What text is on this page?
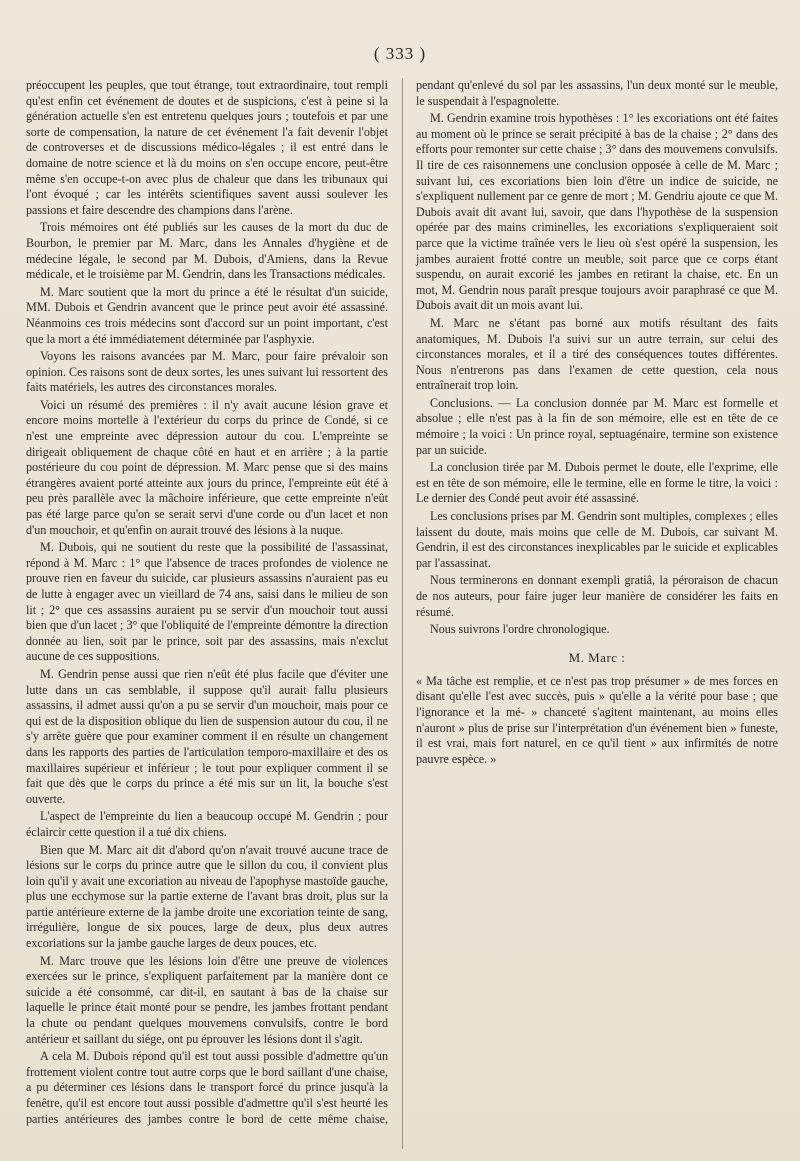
( 333 )

préoccupent les peuples, que tout étrange, tout extraordinaire, tout rempli qu'est enfin cet événement de doutes et de suspicions, c'est à peine si la génération actuelle s'en est entretenu quelques jours ; toutefois et par une sorte de compensation, la nature de cet événement l'a fait devenir l'objet de controverses et de discussions médico-légales ; il est entré dans le domaine de notre science et là du moins on s'en occupe encore, peut-être même s'en occupe-t-on avec plus de chaleur que dans les tribunaux qui l'ont évoqué ; car les intérêts scientifiques savent aussi soulever les passions et faire descendre des champions dans l'arène.

Trois mémoires ont été publiés sur les causes de la mort du duc de Bourbon, le premier par M. Marc, dans les Annales d'hygiène et de médecine légale, le second par M. Dubois, d'Amiens, dans la Revue médicale, et le troisième par M. Gendrin, dans les Transactions médicales.

M. Marc soutient que la mort du prince a été le résultat d'un suicide, MM. Dubois et Gendrin avancent que le prince peut avoir été assassiné. Néanmoins ces trois médecins sont d'accord sur un point important, c'est que la mort a été immédiatement déterminée par l'asphyxie.

Voyons les raisons avancées par M. Marc, pour faire prévaloir son opinion. Ces raisons sont de deux sortes, les unes suivant lui ressortent des faits matériels, les autres des circonstances morales.

Voici un résumé des premières : il n'y avait aucune lésion grave et encore moins mortelle à l'extérieur du corps du prince de Condé, si ce n'est une empreinte avec dépression autour du cou. L'empreinte se dirigeait obliquement de chaque côté en haut et en arrière ; à la partie postérieure du cou point de dépression. M. Marc pense que si des mains étrangères avaient porté atteinte aux jours du prince, l'empreinte eût été à peu près parallèle avec la mâchoire inférieure, que cette empreinte n'eût pas été large parce qu'on se serait servi d'une corde ou d'un lacet et non d'un mouchoir, et qu'enfin on aurait trouvé des lésions à la nuque.

M. Dubois, qui ne soutient du reste que la possibilité de l'assassinat, répond à M. Marc : 1° que l'absence de traces profondes de violence ne prouve rien en faveur du suicide, car plusieurs assassins n'auraient pas eu de lutte à engager avec un vieillard de 74 ans, saisi dans le milieu de son lit ; 2° que ces assassins auraient pu se servir d'un mouchoir tout aussi bien que d'un lacet ; 3° que l'obliquité de l'empreinte démontre la direction donnée au lien, soit par le prince, soit par des assassins, mais n'exclut aucune de ces suppositions.

M. Gendrin pense aussi que rien n'eût été plus facile que d'éviter une lutte dans un cas semblable, il suppose qu'il aurait fallu plusieurs assassins, il admet aussi qu'on a pu se servir d'un mouchoir, mais pour ce qui est de la disposition oblique du lien de suspension autour du cou, il ne s'y arrête guère que pour examiner comment il en résulte un changement dans les rapports des parties de l'articulation temporo-maxillaire et des os maxillaires supérieur et inférieur ; le tout pour expliquer comment il se fait que dès que le corps du prince a été mis sur un lit, la bouche s'est ouverte.

L'aspect de l'empreinte du lien a beaucoup occupé M. Gendrin ; pour éclaircir cette question il a tué dix chiens.

Bien que M. Marc ait dit d'abord qu'on n'avait trouvé aucune trace de lésions sur le corps du prince autre que le sillon du cou, il convient plus loin qu'il y avait une excoriation au niveau de l'apophyse mastoïde gauche, plus une ecchymose sur la partie externe de l'avant bras droit, plus sur la partie antérieure externe de la jambe droite une excoriation teinte de sang, irrégulière, longue de six pouces, large de deux, plus deux autres excoriations sur la jambe gauche larges de deux pouces, etc.

M. Marc trouve que les lésions loin d'être une preuve de violences exercées sur le prince, s'expliquent parfaitement par la manière dont ce suicide a été consommé, car dit-il, en sautant à bas de la chaise sur laquelle le prince était monté pour se pendre, les jambes frottant pendant la chute ou pendant quelques mouvemens convulsifs, contre le bord antérieur et saillant du siége, ont pu éprouver les lésions dont il s'agit.

A cela M. Dubois répond qu'il est tout aussi possible d'admettre qu'un frottement violent contre tout autre corps que le bord saillant d'une chaise, a pu déterminer ces lésions dans le transport forcé du prince jusqu'à la fenêtre, qu'il est encore tout aussi possible d'admettre qu'il s'est heurté les parties antérieures des jambes contre le bord de cette même chaise, pendant qu'enlevé du sol par les assassins, l'un deux monté sur le meuble, le suspendait à l'espagnolette.

M. Gendrin examine trois hypothèses : 1° les excoriations ont été faites au moment où le prince se serait précipité à bas de la chaise ; 2° dans des efforts pour remonter sur cette chaise ; 3° dans des mouvemens convulsifs. Il tire de ces raisonnemens une conclusion opposée à celle de M. Marc ; suivant lui, ces excoriations bien loin d'être un indice de suicide, ne s'expliquent nullement par ce genre de mort ; M. Gendriu ajoute ce que M. Dubois avait dit avant lui, savoir, que dans l'hypothèse de la suspension opérée par des mains criminelles, les excoriations s'expliqueraient soit parce que la victime traînée vers le lieu où s'est opéré la suspension, les jambes auraient frotté contre un meuble, soit parce que ce corps étant suspendu, on aurait excorié les jambes en retirant la chaise, etc. En un mot, M. Gendrin nous paraît presque toujours avoir paraphrasé ce que M. Dubois avait dit un mois avant lui.

M. Marc ne s'étant pas borné aux motifs résultant des faits anatomiques, M. Dubois l'a suivi sur un autre terrain, sur celui des circonstances morales, et il a tiré des conséquences toutes différentes. Nous n'entrerons pas dans l'examen de cette question, cela nous entraînerait trop loin.

Conclusions. — La conclusion donnée par M. Marc est formelle et absolue ; elle n'est pas à la fin de son mémoire, elle est en tête de ce mémoire ; la voici : Un prince royal, septuagénaire, termine son existence par un suicide.

La conclusion tirée par M. Dubois permet le doute, elle l'exprime, elle est en tête de son mémoire, elle le termine, elle en forme le titre, la voici : Le dernier des Condé peut avoir été assassiné.

Les conclusions prises par M. Gendrin sont multiples, complexes ; elles laissent du doute, mais moins que celle de M. Dubois, car suivant M. Gendrin, il est des circonstances inexplicables par le suicide et explicables par l'assassinat.

Nous terminerons en donnant exempli gratiâ, la péroraison de chacun de nos auteurs, pour faire juger leur manière de considérer les faits en résumé.

Nous suivrons l'ordre chronologique.

M. Marc :

« Ma tâche est remplie, et ce n'est pas trop présumer » de mes forces en disant qu'elle l'est avec succès, puis » qu'elle a la vérité pour base ; que l'ignorance et la mé- » chanceté s'agitent maintenant, au moins elles n'auront » plus de prise sur l'interprétation d'un événement bien » funeste, il est vrai, mais fort naturel, en ce qu'il tient » aux infirmités de notre pauvre espèce. »
